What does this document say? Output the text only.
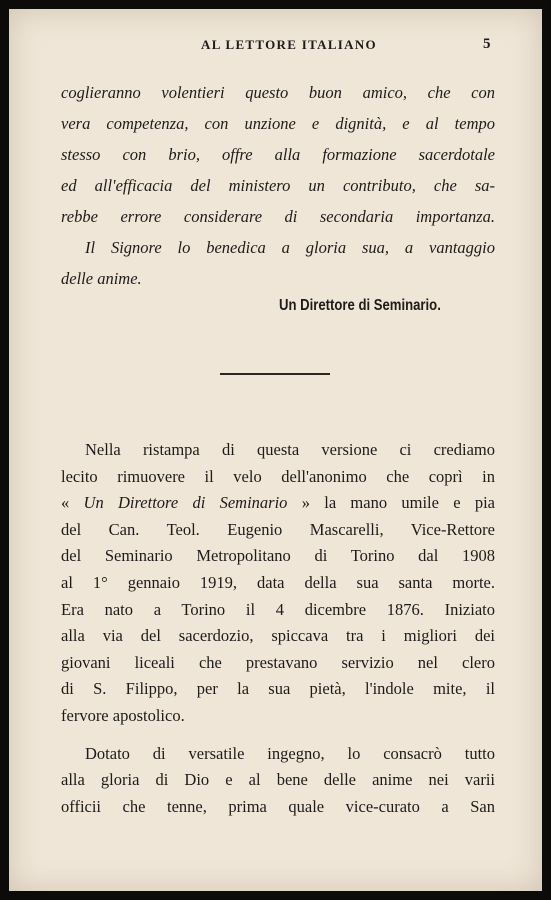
AL LETTORE ITALIANO	5
coglieranno volentieri questo buon amico, che con
vera competenza, con unzione e dignità, e al tempo
stesso con brio, offre alla formazione sacerdotale
ed all'efficacia del ministero un contributo, che sa-
rebbe errore considerare di secondaria importanza.
Il Signore lo benedica a gloria sua, a vantaggio
delle anime.
Un Direttore di Seminario.
Nella ristampa di questa versione ci crediamo
lecito rimuovere il velo dell'anonimo che coprì in
« Un Direttore di Seminario » la mano umile e pia
del Can. Teol. Eugenio Mascarelli, Vice-Rettore
del Seminario Metropolitano di Torino dal 1908
al 1° gennaio 1919, data della sua santa morte.
Era nato a Torino il 4 dicembre 1876. Iniziato
alla via del sacerdozio, spiccava tra i migliori dei
giovani liceali che prestavano servizio nel clero
di S. Filippo, per la sua pietà, l'indole mite, il
fervore apostolico.
Dotato di versatile ingegno, lo consacrò tutto
alla gloria di Dio e al bene delle anime nei varii
officii che tenne, prima quale vice-curato a San
